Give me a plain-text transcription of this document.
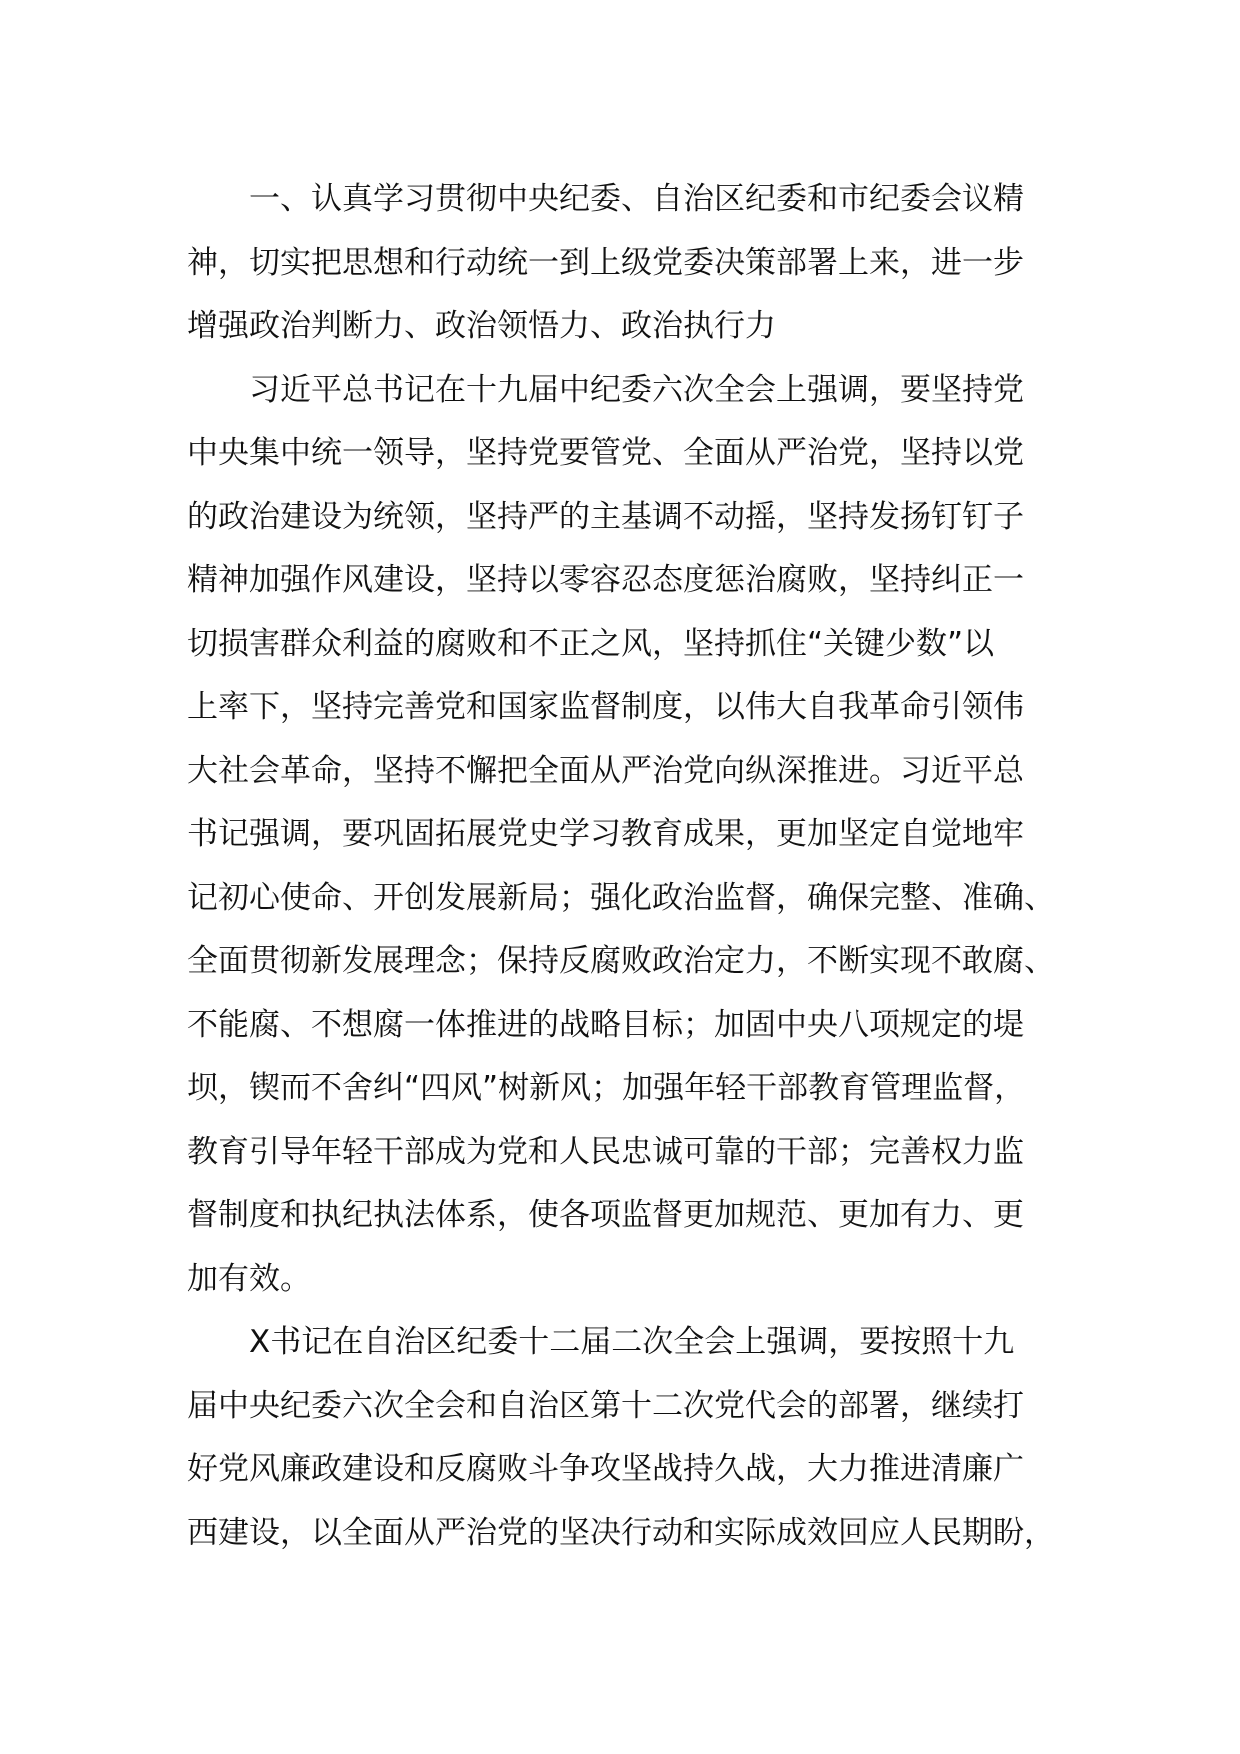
　　一、认真学习贯彻中央纪委、自治区纪委和市纪委会议精
神，切实把思想和行动统一到上级党委决策部署上来，进一步
增强政治判断力、政治领悟力、政治执行力
　　习近平总书记在十九届中纪委六次全会上强调，要坚持党
中央集中统一领导，坚持党要管党、全面从严治党，坚持以党
的政治建设为统领，坚持严的主基调不动摇，坚持发扬钉钉子
精神加强作风建设，坚持以零容忍态度惩治腐败，坚持纠正一
切损害群众利益的腐败和不正之风，坚持抓住“关键少数”以
上率下，坚持完善党和国家监督制度，以伟大自我革命引领伟
大社会革命，坚持不懈把全面从严治党向纵深推进。习近平总
书记强调，要巩固拓展党史学习教育成果，更加坚定自觉地牢
记初心使命、开创发展新局；强化政治监督，确保完整、准确、
全面贯彻新发展理念；保持反腐败政治定力，不断实现不敢腐、
不能腐、不想腐一体推进的战略目标；加固中央八项规定的堤
坝，锲而不舍纠“四风”树新风；加强年轻干部教育管理监督，
教育引导年轻干部成为党和人民忠诚可靠的干部；完善权力监
督制度和执纪执法体系，使各项监督更加规范、更加有力、更
加有效。
　　X书记在自治区纪委十二届二次全会上强调，要按照十九
届中央纪委六次全会和自治区第十二次党代会的部署，继续打
好党风廉政建设和反腐败斗争攻坚战持久战，大力推进清廉广
西建设，以全面从严治党的坚决行动和实际成效回应人民期盼，
